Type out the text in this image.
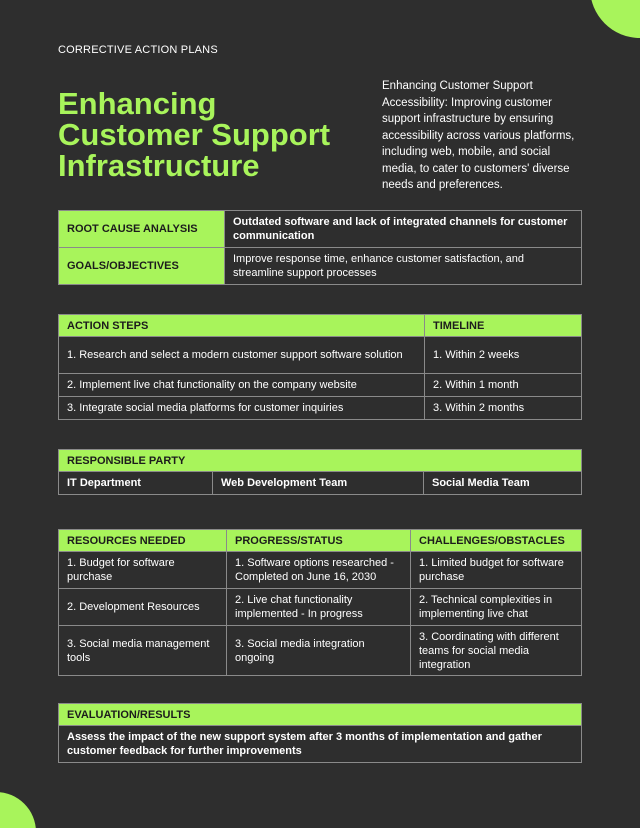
CORRECTIVE ACTION PLANS
Enhancing Customer Support Infrastructure

Enhancing Customer Support Accessibility: Improving customer support infrastructure by ensuring accessibility across various platforms, including web, mobile, and social media, to cater to customers' diverse needs and preferences.

ROOT CAUSE ANALYSIS	Outdated software and lack of integrated channels for customer communication
GOALS/OBJECTIVES	Improve response time, enhance customer satisfaction, and streamline support processes
ACTION STEPS	TIMELINE
1. Research and select a modern customer support software solution	1. Within 2 weeks
2. Implement live chat functionality on the company website	2. Within 1 month
3. Integrate social media platforms for customer inquiries	3. Within 2 months
RESPONSIBLE PARTY
IT Department	Web Development Team	Social Media Team
RESOURCES NEEDED	PROGRESS/STATUS	CHALLENGES/OBSTACLES
1. Budget for software purchase	1. Software options researched - Completed on June 16, 2030	1. Limited budget for software purchase
2. Development Resources	2. Live chat functionality implemented - In progress	2. Technical complexities in implementing live chat
3. Social media management tools	3. Social media integration ongoing	3. Coordinating with different teams for social media integration
EVALUATION/RESULTS
Assess the impact of the new support system after 3 months of implementation and gather customer feedback for further improvements
